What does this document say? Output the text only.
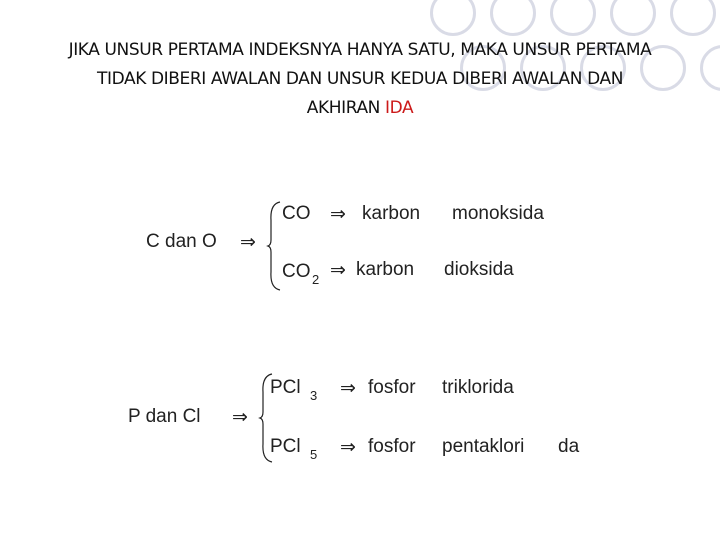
JIKA UNSUR PERTAMA INDEKSNYA HANYA SATU, MAKA UNSUR PERTAMA
TIDAK DIBERI AWALAN DAN UNSUR KEDUA DIBERI AWALAN DAN
AKHIRAN IDA
C dan O ⇒
CO ⇒ karbon monoksida
CO 2 ⇒ karbon dioksida
P dan Cl ⇒
PCl 3 ⇒ fosfor triklorida
PCl 5 ⇒ fosfor pentaklori da
